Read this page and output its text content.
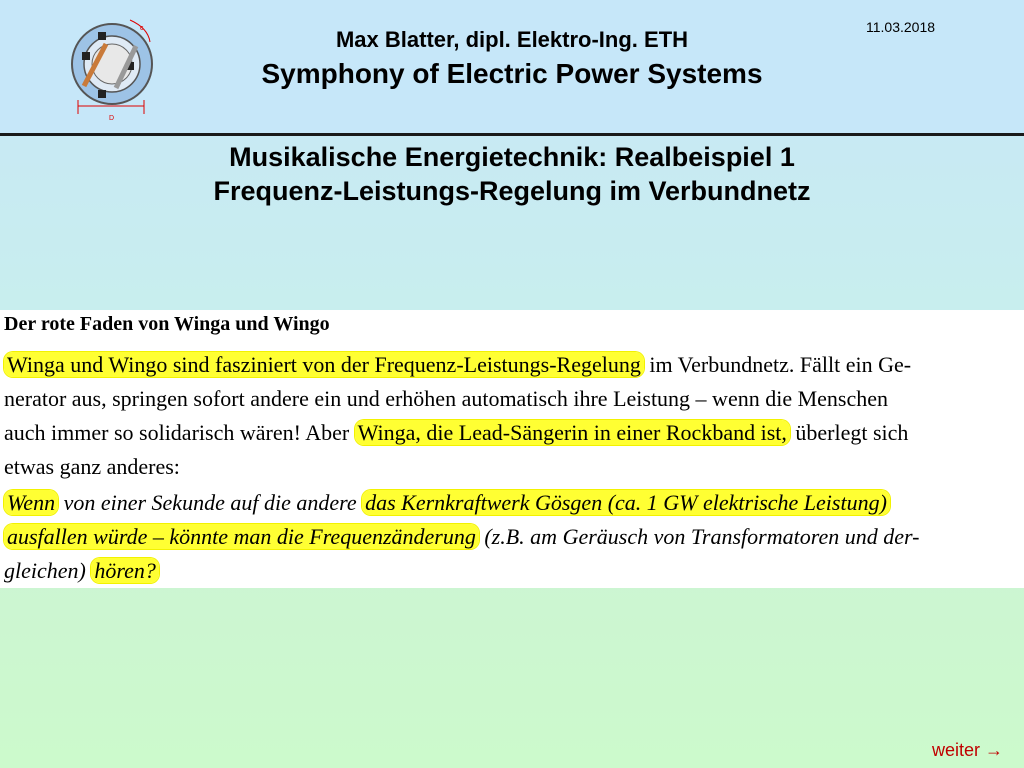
D
c	Max Blatter, dipl. Elektro-Ing. ETH
Symphony of Electric Power Systems
11.03.2018
Musikalische Energietechnik: Realbeispiel 1
Frequenz-Leistungs-Regelung im Verbundnetz
Der rote Faden von Winga und Wingo
Winga und Wingo sind fasziniert von der Frequenz-Leistungs-Regelung im Verbundnetz. Fällt ein Ge-
nerator aus, springen sofort andere ein und erhöhen automatisch ihre Leistung – wenn die Menschen
auch immer so solidarisch wären! Aber Winga, die Lead-Sängerin in einer Rockband ist, überlegt sich
etwas ganz anderes:
Wenn von einer Sekunde auf die andere das Kernkraftwerk Gösgen (ca. 1 GW elektrische Leistung)
ausfallen würde – könnte man die Frequenzänderung (z.B. am Geräusch von Transformatoren und der-
gleichen) hören?
weiter →
